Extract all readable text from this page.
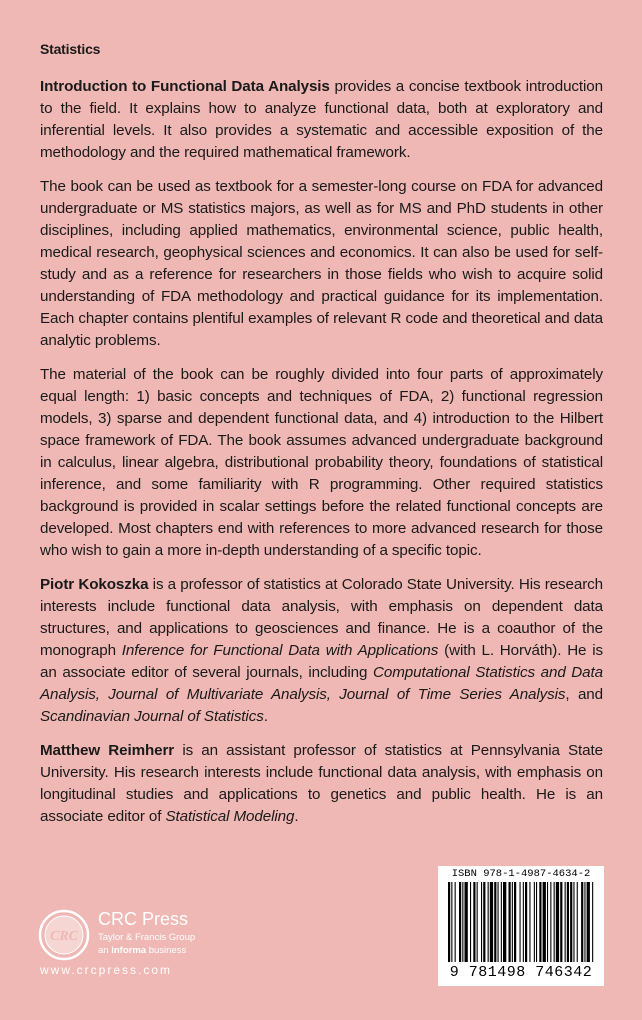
Statistics

Introduction to Functional Data Analysis provides a concise textbook introduction to the field. It explains how to analyze functional data, both at exploratory and inferential levels. It also provides a systematic and accessible exposition of the methodology and the required mathematical framework.

The book can be used as textbook for a semester-long course on FDA for advanced undergraduate or MS statistics majors, as well as for MS and PhD students in other disciplines, including applied mathematics, environmental science, public health, medical research, geophysical sciences and economics. It can also be used for self-study and as a reference for researchers in those fields who wish to acquire solid understanding of FDA methodology and practical guidance for its implementation. Each chapter contains plentiful examples of relevant R code and theoretical and data analytic problems.

The material of the book can be roughly divided into four parts of approximately equal length: 1) basic concepts and techniques of FDA, 2) functional regression models, 3) sparse and dependent functional data, and 4) introduction to the Hilbert space framework of FDA. The book assumes advanced undergraduate background in calculus, linear algebra, distributional probability theory, foundations of statistical inference, and some familiarity with R programming. Other required statistics background is provided in scalar settings before the related functional concepts are developed. Most chapters end with references to more advanced research for those who wish to gain a more in-depth understanding of a specific topic.

Piotr Kokoszka is a professor of statistics at Colorado State University. His research interests include functional data analysis, with emphasis on dependent data structures, and applications to geosciences and finance. He is a coauthor of the monograph Inference for Functional Data with Applications (with L. Horváth). He is an associate editor of several journals, including Computational Statistics and Data Analysis, Journal of Multivariate Analysis, Journal of Time Series Analysis, and Scandinavian Journal of Statistics.

Matthew Reimherr is an assistant professor of statistics at Pennsylvania State University. His research interests include functional data analysis, with emphasis on longitudinal studies and applications to genetics and public health. He is an associate editor of Statistical Modeling.

CRC
CRC Press
Taylor & Francis Group
an informa business
www.crcpress.com
ISBN 978-1-4987-4634-2
9 781498 746342
